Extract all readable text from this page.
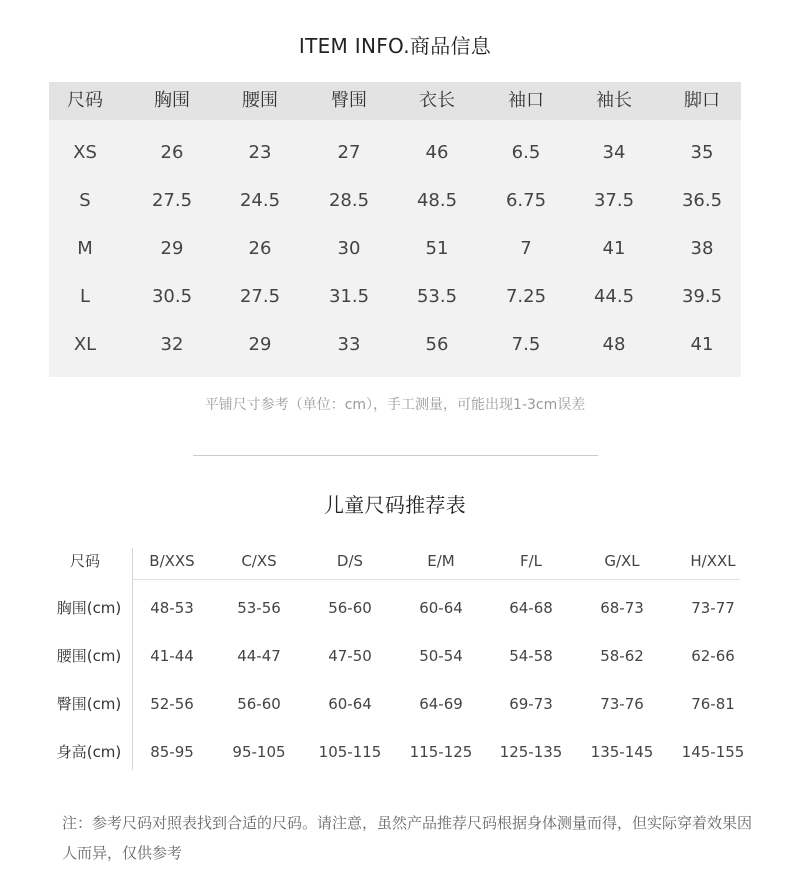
ITEM INFO.商品信息
尺码	胸围	腰围	臀围	衣长	袖口	袖长	脚口
XS	26	23	27	46	6.5	34	35
S	27.5	24.5	28.5	48.5	6.75	37.5	36.5
M	29	26	30	51	7	41	38
L	30.5	27.5	31.5	53.5	7.25	44.5	39.5
XL	32	29	33	56	7.5	48	41
平铺尺寸参考（单位：cm），手工测量，可能出现1-3cm误差
儿童尺码推荐表
尺码	B/XXS	C/XS	D/S	E/M	F/L	G/XL	H/XXL
胸围(cm) 48-53	53-56	56-60	60-64	64-68	68-73	73-77
腰围(cm) 41-44	44-47	47-50	50-54	54-58	58-62	62-66
臀围(cm) 52-56	56-60	60-64	64-69	69-73	73-76	76-81
身高(cm) 85-95	95-105 105-115 115-125 125-135 135-145 145-155
注：参考尺码对照表找到合适的尺码。请注意，虽然产品推荐尺码根据身体测量而得，但实际穿着效果因人而异，仅供参考
